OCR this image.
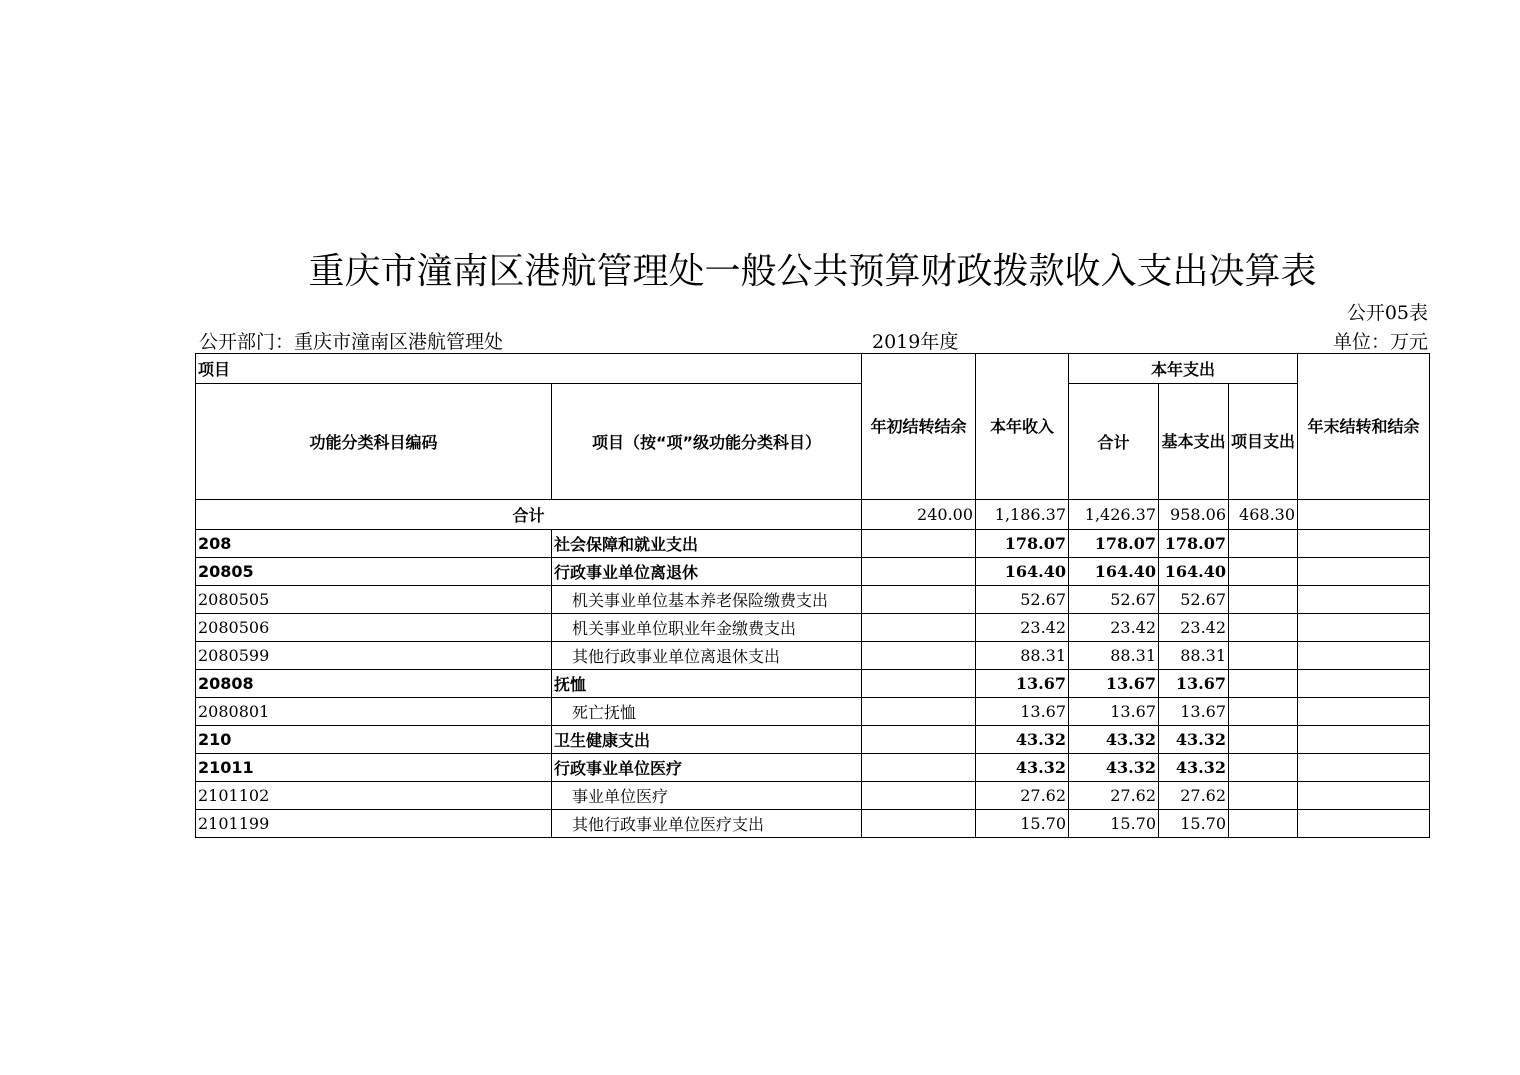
重庆市潼南区港航管理处一般公共预算财政拨款收入支出决算表
公开05表
公开部门：重庆市潼南区港航管理处	2019年度	单位：万元
项目		年初结转结余	本年收入	本年支出			年末结转和结余
功能分类科目编码	项目（按“项”级功能分类科目）			合计	基本支出	项目支出	
合计		240.00	1,186.37	1,426.37	958.06	468.30	
208	社会保障和就业支出		178.07	178.07	178.07		
20805	行政事业单位离退休		164.40	164.40	164.40		
2080505	机关事业单位基本养老保险缴费支出		52.67	52.67	52.67		
2080506	机关事业单位职业年金缴费支出		23.42	23.42	23.42		
2080599	其他行政事业单位离退休支出		88.31	88.31	88.31		
20808	抚恤		13.67	13.67	13.67		
2080801	死亡抚恤		13.67	13.67	13.67		
210	卫生健康支出		43.32	43.32	43.32		
21011	行政事业单位医疗		43.32	43.32	43.32		
2101102	事业单位医疗		27.62	27.62	27.62		
2101199	其他行政事业单位医疗支出		15.70	15.70	15.70		
